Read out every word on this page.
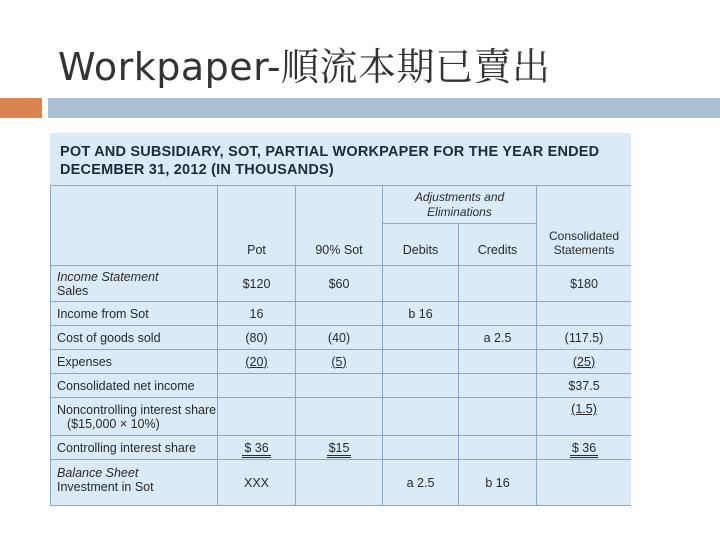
Workpaper-順流本期已賣出
POT AND SUBSIDIARY, SOT, PARTIAL WORKPAPER FOR THE YEAR ENDED
DECEMBER 31, 2012 (IN THOUSANDS)
	Pot	90% Sot	Adjustments and
Eliminations		Consolidated
Statements

			Debits	Credits	

Income Statement
Sales	$120	$60			$180
Income from Sot	16		b 16		
Cost of goods sold	(80)	(40)		a 2.5	(117.5)
Expenses	(20)	(5)			(25)
Consolidated net income					$37.5

Noncontrolling interest share
($15,000 × 10%)					(1.5)
Controlling interest share	$ 36	$15			$ 36

Balance Sheet
Investment in Sot	XXX		a 2.5	b 16	
